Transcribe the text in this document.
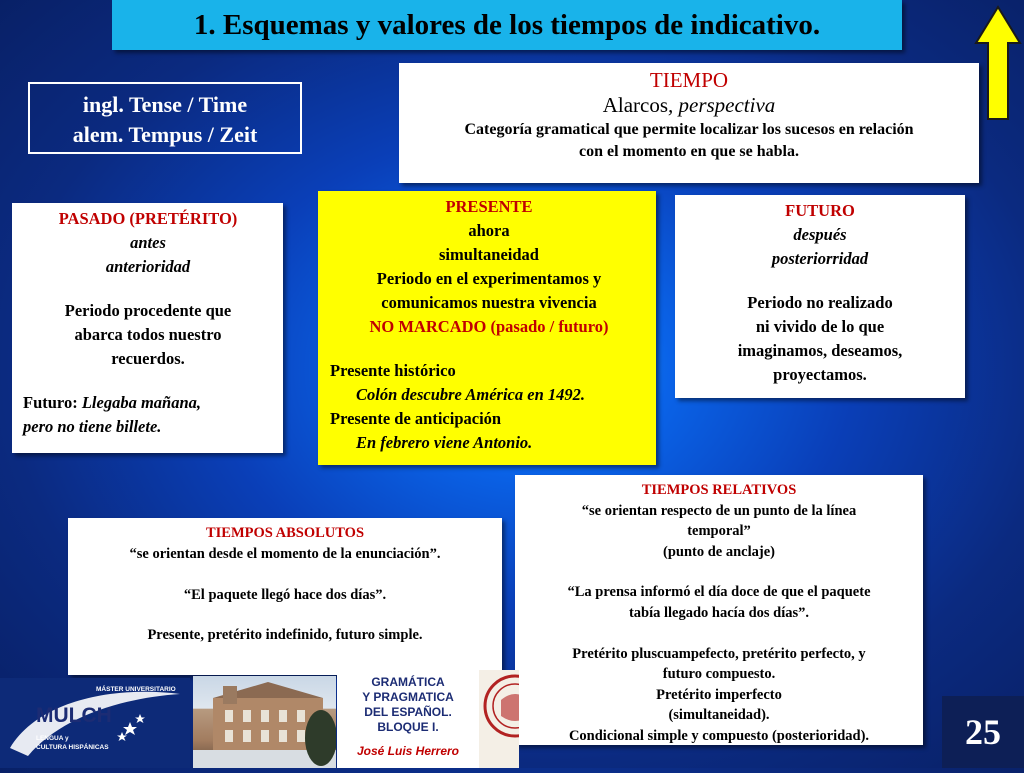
1. Esquemas y valores de los tiempos de indicativo.
ingl. Tense / Time
alem. Tempus / Zeit
TIEMPO
Alarcos, perspectiva
Categoría gramatical que permite localizar los sucesos en relación
con el momento en que se habla.
PASADO (PRETÉRITO)
antes
anterioridad
Periodo procedente que
abarca todos nuestro
recuerdos.
Futuro: Llegaba mañana,
pero no tiene billete.
PRESENTE
ahora
simultaneidad
Periodo en el experimentamos y
comunicamos nuestra vivencia
NO MARCADO (pasado / futuro)
Presente histórico
Colón descubre América en 1492.
Presente de anticipación
En febrero viene Antonio.
FUTURO
después
posteriorridad
Periodo no realizado
ni vivido de lo que
imaginamos, deseamos,
proyectamos.
TIEMPOS RELATIVOS
“se orientan respecto de un punto de la línea
temporal”
(punto de anclaje)
“La prensa informó el día doce de que el paquete
tabía llegado hacía dos días”.
Pretérito pluscuampefecto, pretérito perfecto, y
futuro compuesto.
Pretérito imperfecto
(simultaneidad).
Condicional simple y compuesto (posterioridad).
TIEMPOS ABSOLUTOS
“se orientan desde el momento de la enunciación”.
“El paquete llegó hace dos días”.
Presente, pretérito indefinido, futuro simple.
MÁSTER UNIVERSITARIO
MULCH
LENGUA y
CULTURA HISPÁNICAS
GRAMÁTICA
Y PRAGMATICA
DEL ESPAÑOL.
BLOQUE I.
José Luis Herrero	25
